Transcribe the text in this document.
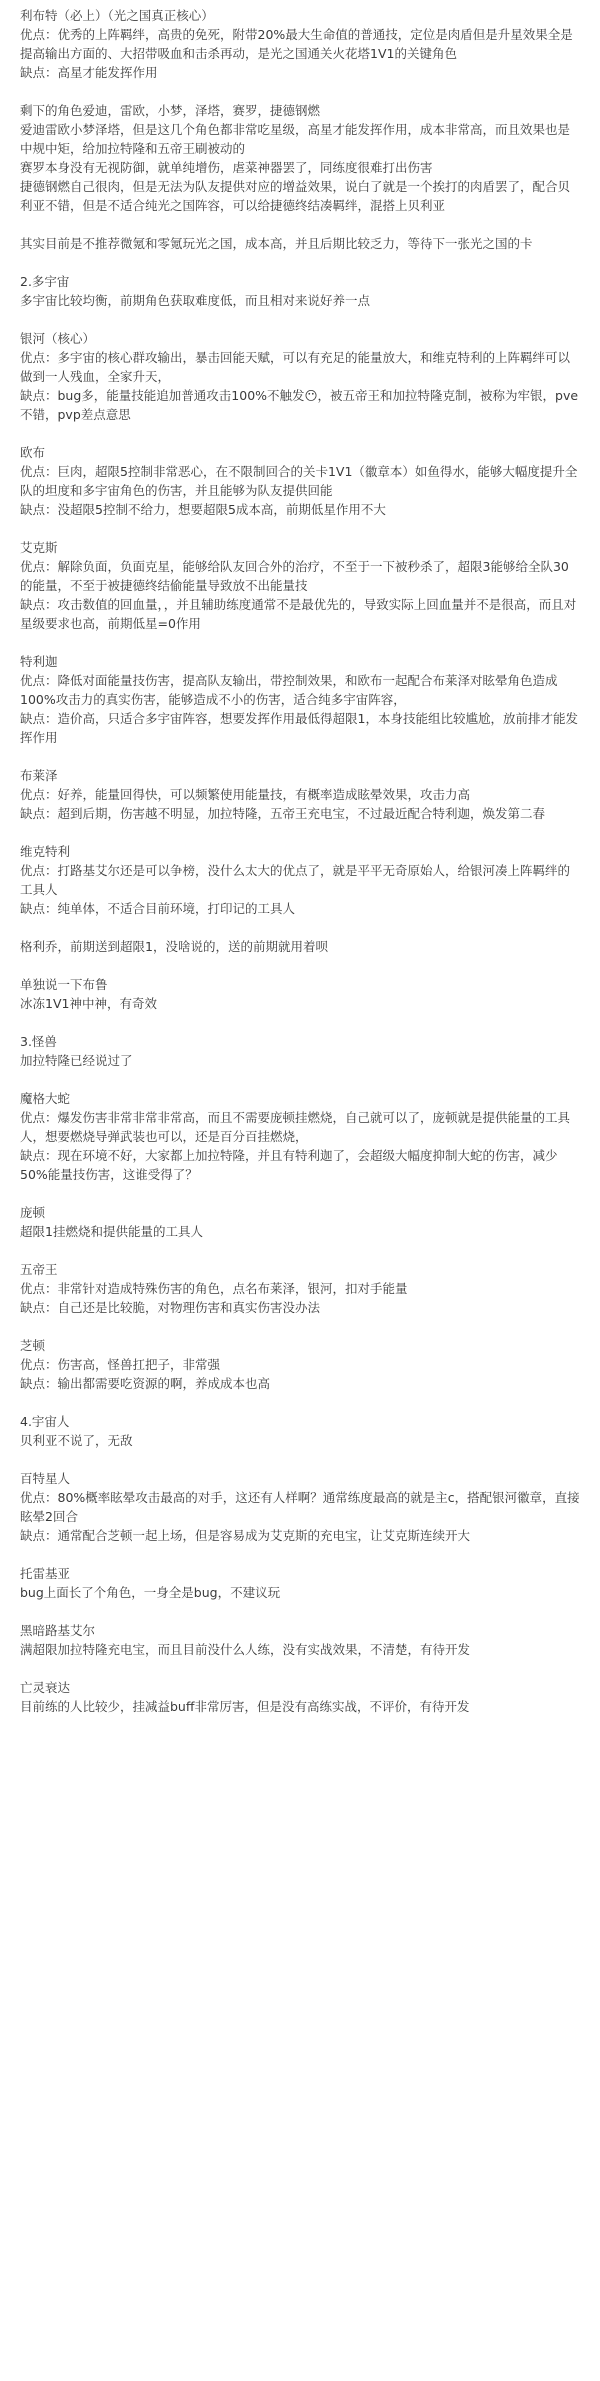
利布特（必上）（光之国真正核心）

优点：优秀的上阵羁绊，高贵的免死，附带20%最大生命值的普通技，定位是肉盾但是升星效果全是提高输出方面的、大招带吸血和击杀再动，是光之国通关火花塔1V1的关键角色

缺点：高星才能发挥作用

剩下的角色爱迪，雷欧，小梦，泽塔，赛罗，捷德钢燃

爱迪雷欧小梦泽塔，但是这几个角色都非常吃星级，高星才能发挥作用，成本非常高，而且效果也是中规中矩，给加拉特隆和五帝王刷被动的

赛罗本身没有无视防御，就单纯增伤，虐菜神器罢了，同练度很难打出伤害

捷德钢燃自己很肉，但是无法为队友提供对应的增益效果，说白了就是一个挨打的肉盾罢了，配合贝利亚不错，但是不适合纯光之国阵容，可以给捷德终结凑羁绊，混搭上贝利亚

其实目前是不推荐微氪和零氪玩光之国，成本高，并且后期比较乏力，等待下一张光之国的卡

2.多宇宙

多宇宙比较均衡，前期角色获取难度低，而且相对来说好养一点

银河（核心）

优点：多宇宙的核心群攻输出，暴击回能天赋，可以有充足的能量放大，和维克特利的上阵羁绊可以做到一人残血，全家升天，

缺点：bug多，能量技能追加普通攻击100%不触发😶，被五帝王和加拉特隆克制，被称为牢银，pve不错，pvp差点意思

欧布

优点：巨肉，超限5控制非常恶心，在不限制回合的关卡1V1（徽章本）如鱼得水，能够大幅度提升全队的坦度和多宇宙角色的伤害，并且能够为队友提供回能

缺点：没超限5控制不给力，想要超限5成本高，前期低星作用不大

艾克斯

优点：解除负面，负面克星，能够给队友回合外的治疗，不至于一下被秒杀了，超限3能够给全队30的能量，不至于被捷德终结偷能量导致放不出能量技

缺点：攻击数值的回血量，，并且辅助练度通常不是最优先的，导致实际上回血量并不是很高，而且对星级要求也高，前期低星=0作用

特利迦

优点：降低对面能量技伤害，提高队友输出，带控制效果，和欧布一起配合布莱泽对眩晕角色造成100%攻击力的真实伤害，能够造成不小的伤害，适合纯多宇宙阵容，

缺点：造价高，只适合多宇宙阵容，想要发挥作用最低得超限1，本身技能组比较尴尬，放前排才能发挥作用

布莱泽

优点：好养，能量回得快，可以频繁使用能量技，有概率造成眩晕效果，攻击力高

缺点：超到后期，伤害越不明显，加拉特隆，五帝王充电宝，不过最近配合特利迦，焕发第二春

维克特利

优点：打路基艾尔还是可以争榜，没什么太大的优点了，就是平平无奇原始人，给银河凑上阵羁绊的工具人

缺点：纯单体，不适合目前环境，打印记的工具人

格利乔，前期送到超限1，没啥说的，送的前期就用着呗

单独说一下布鲁

冰冻1V1神中神，有奇效

3.怪兽

加拉特隆已经说过了

魔格大蛇

优点：爆发伤害非常非常非常高，而且不需要庞顿挂燃烧，自己就可以了，庞顿就是提供能量的工具人，想要燃烧导弹武装也可以，还是百分百挂燃烧，

缺点：现在环境不好，大家都上加拉特隆，并且有特利迦了，会超级大幅度抑制大蛇的伤害，减少50%能量技伤害，这谁受得了？

庞顿

超限1挂燃烧和提供能量的工具人

五帝王

优点：非常针对造成特殊伤害的角色，点名布莱泽，银河，扣对手能量

缺点：自己还是比较脆，对物理伤害和真实伤害没办法

芝顿

优点：伤害高，怪兽扛把子，非常强

缺点：输出都需要吃资源的啊，养成成本也高

4.宇宙人

贝利亚不说了，无敌

百特星人

优点：80%概率眩晕攻击最高的对手，这还有人样啊？通常练度最高的就是主c，搭配银河徽章，直接眩晕2回合

缺点：通常配合芝顿一起上场，但是容易成为艾克斯的充电宝，让艾克斯连续开大

托雷基亚

bug上面长了个角色，一身全是bug，不建议玩

黑暗路基艾尔

满超限加拉特隆充电宝，而且目前没什么人练，没有实战效果，不清楚，有待开发

亡灵衰达

目前练的人比较少，挂减益buff非常厉害，但是没有高练实战，不评价，有待开发
